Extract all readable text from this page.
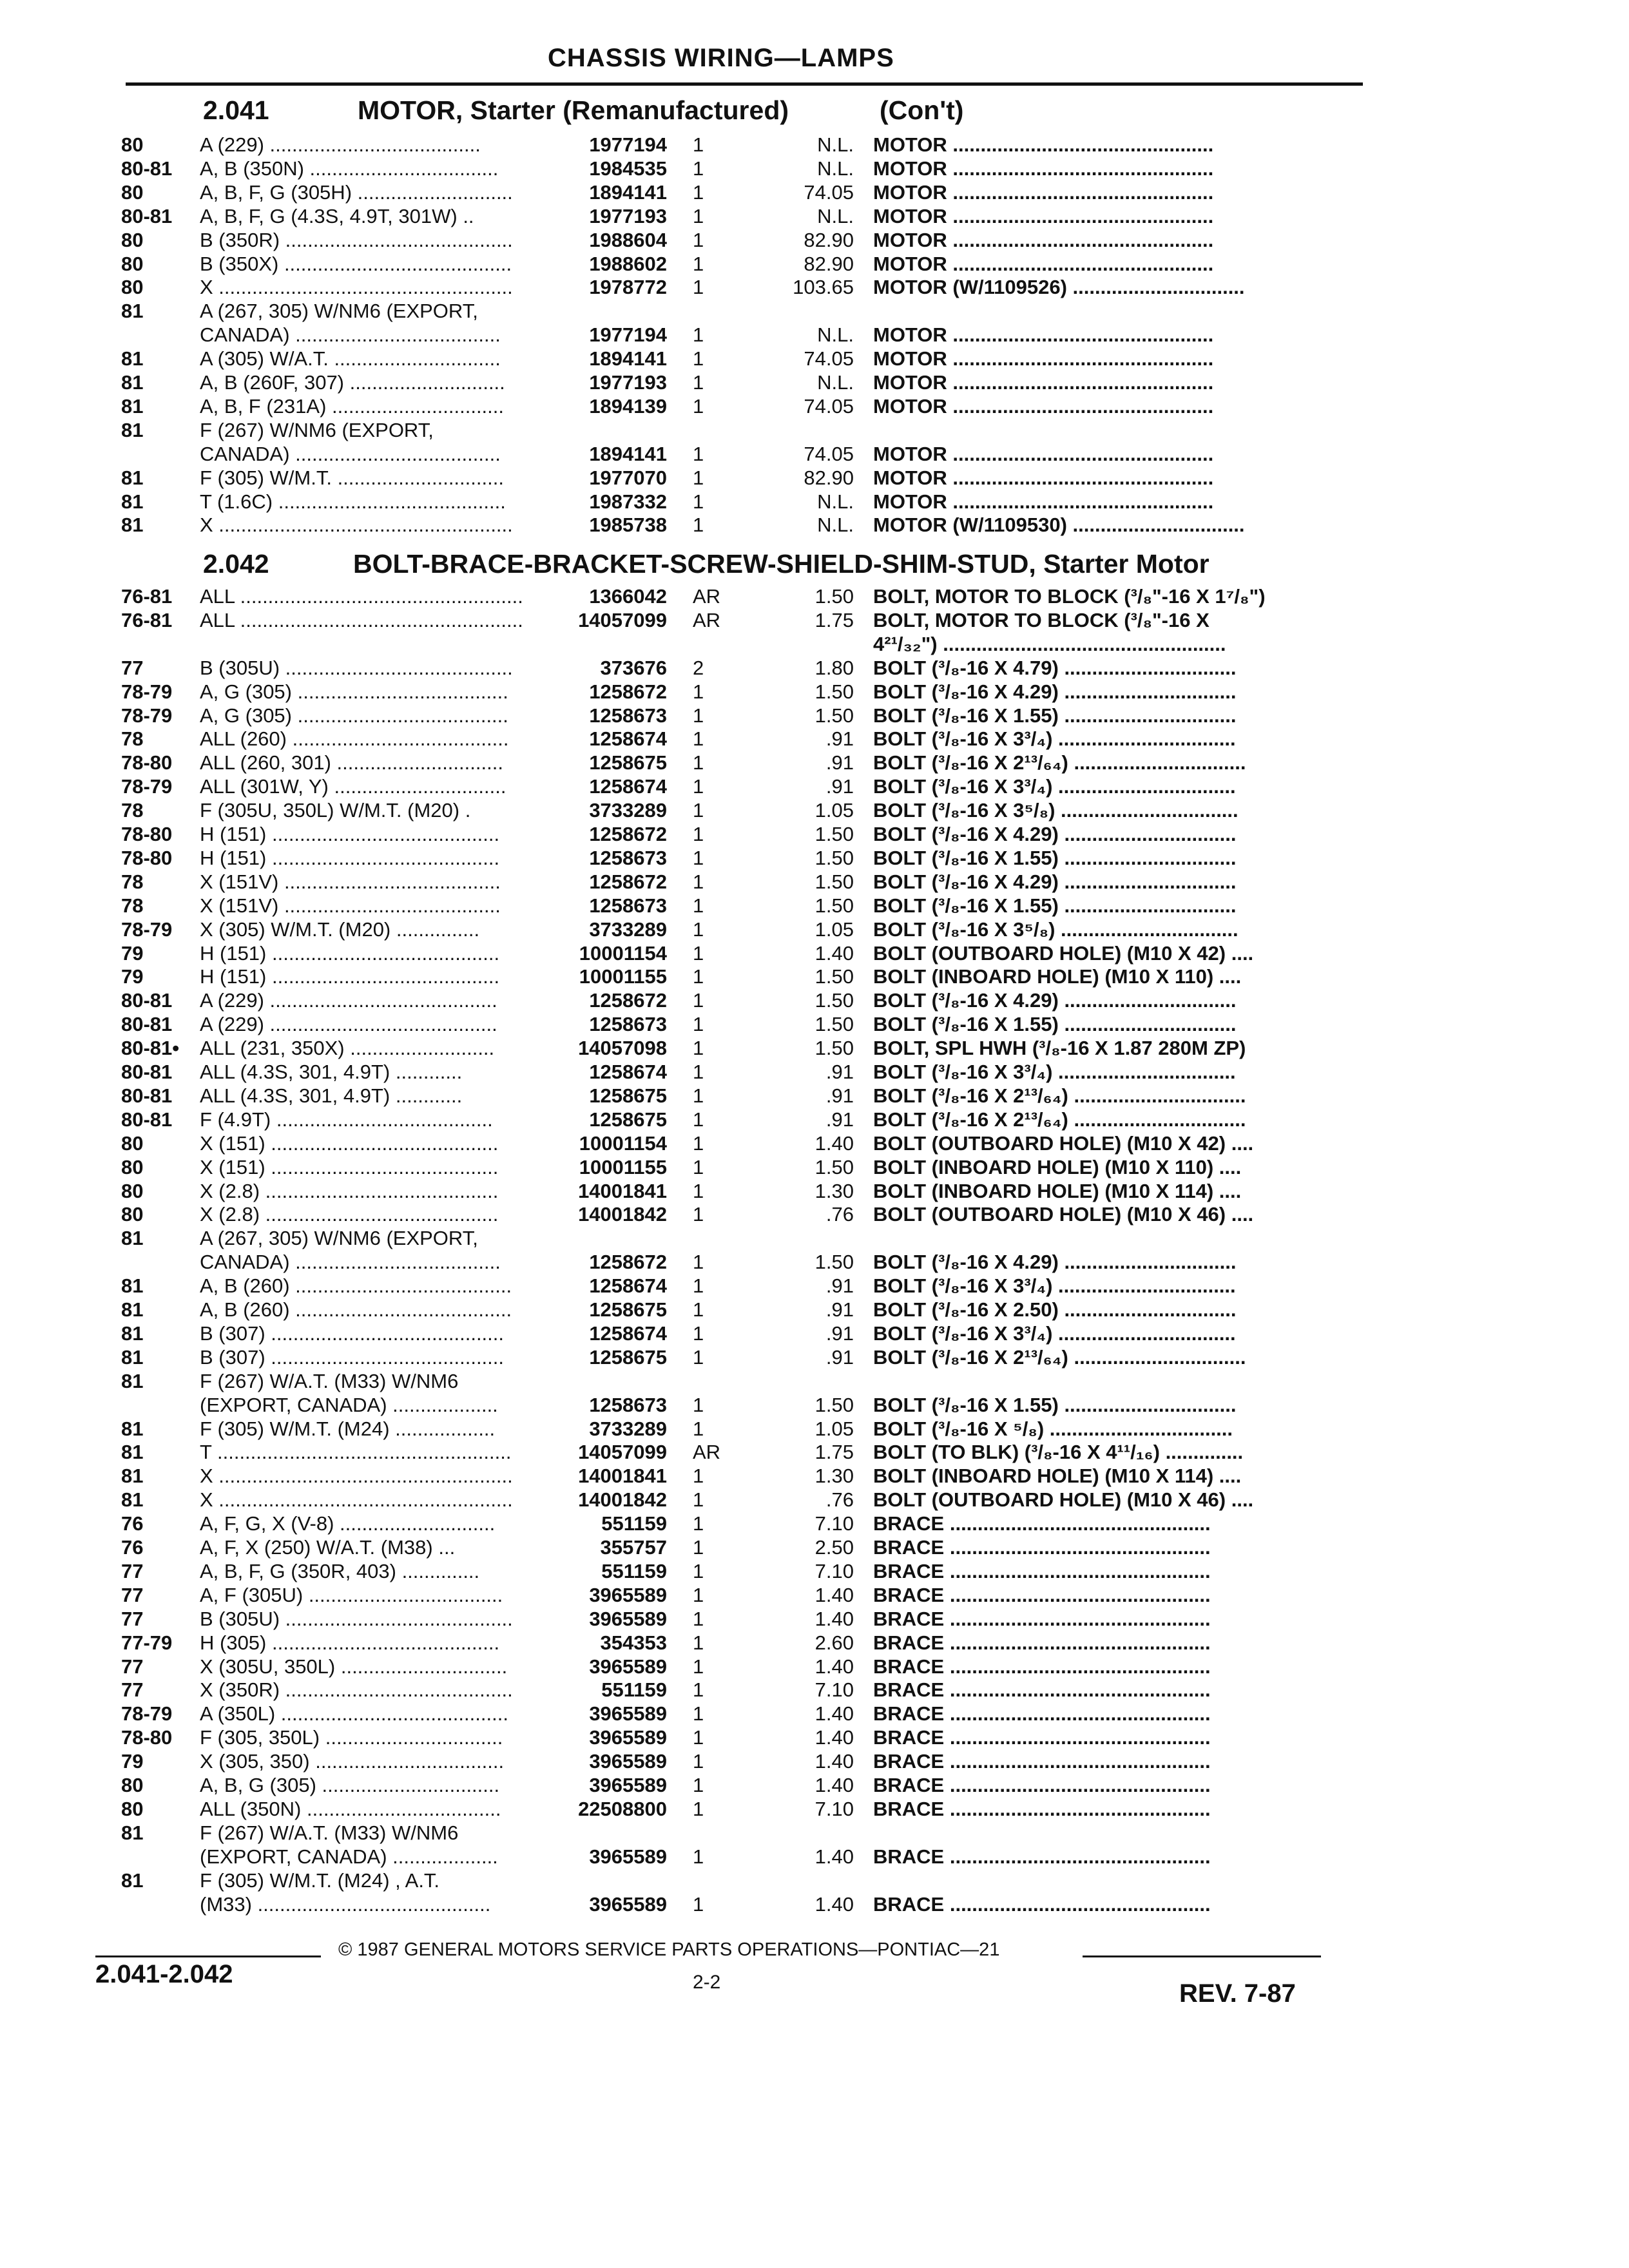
CHASSIS WIRING—LAMPS
2.041	MOTOR, Starter (Remanufactured)	(Con't)
2.042	BOLT-BRACE-BRACKET-SCREW-SHIELD-SHIM-STUD, Starter Motor
80	A (229) ......................................	1977194 1	N.L. MOTOR ...............................................
80-81 A, B (350N) ..................................	1984535 1	N.L. MOTOR ...............................................
80	A, B, F, G (305H) ............................	1894141 1	74.05 MOTOR ...............................................
80-81 A, B, F, G (4.3S, 4.9T, 301W) ..	1977193 1	N.L. MOTOR ...............................................
80	B (350R) .........................................	1988604 1	82.90 MOTOR ...............................................
80	B (350X) .........................................	1988602 1	82.90 MOTOR ...............................................
80	X .....................................................	1978772 1	103.65 MOTOR (W/1109526) ...............................
81	A (267, 305) W/NM6 (EXPORT,
CANADA) .....................................	1977194 1	N.L. MOTOR ...............................................
81	A (305) W/A.T. ..............................	1894141 1	74.05 MOTOR ...............................................
81	A, B (260F, 307) ............................	1977193 1	N.L. MOTOR ...............................................
81	A, B, F (231A) ...............................	1894139 1	74.05 MOTOR ...............................................
81	F (267) W/NM6 (EXPORT,
CANADA) .....................................	1894141 1	74.05 MOTOR ...............................................
81	F (305) W/M.T. ..............................	1977070 1	82.90 MOTOR ...............................................
81	T (1.6C) .........................................	1987332 1	N.L. MOTOR ...............................................
81	X .....................................................	1985738 1	N.L. MOTOR (W/1109530) ...............................
76-81 ALL ...................................................	1366042 AR	1.50 BOLT, MOTOR TO BLOCK (³/₈"-16 X 1⁷/₈")
76-81 ALL ...................................................	14057099 AR	1.75 BOLT, MOTOR TO BLOCK (³/₈"-16 X
4²¹/₃₂") ...................................................
77	B (305U) .........................................	373676 2	1.80 BOLT (³/₈-16 X 4.79) ...............................
78-79 A, G (305) ......................................	1258672 1	1.50 BOLT (³/₈-16 X 4.29) ...............................
78-79 A, G (305) ......................................	1258673 1	1.50 BOLT (³/₈-16 X 1.55) ...............................
78	ALL (260) .......................................	1258674 1	.91 BOLT (³/₈-16 X 3³/₄) ................................
78-80 ALL (260, 301) ..............................	1258675 1	.91 BOLT (³/₈-16 X 2¹³/₆₄) ...............................
78-79 ALL (301W, Y) ...............................	1258674 1	.91 BOLT (³/₈-16 X 3³/₄) ................................
78	F (305U, 350L) W/M.T. (M20) .	3733289 1	1.05 BOLT (³/₈-16 X 3⁵/₈) ................................
78-80 H (151) .........................................	1258672 1	1.50 BOLT (³/₈-16 X 4.29) ...............................
78-80 H (151) .........................................	1258673 1	1.50 BOLT (³/₈-16 X 1.55) ...............................
78	X (151V) .......................................	1258672 1	1.50 BOLT (³/₈-16 X 4.29) ...............................
78	X (151V) .......................................	1258673 1	1.50 BOLT (³/₈-16 X 1.55) ...............................
78-79 X (305) W/M.T. (M20) ...............	3733289 1	1.05 BOLT (³/₈-16 X 3⁵/₈) ................................
79	H (151) .........................................	10001154 1	1.40 BOLT (OUTBOARD HOLE) (M10 X 42) ....
79	H (151) .........................................	10001155 1	1.50 BOLT (INBOARD HOLE) (M10 X 110) ....
80-81 A (229) .........................................	1258672 1	1.50 BOLT (³/₈-16 X 4.29) ...............................
80-81 A (229) .........................................	1258673 1	1.50 BOLT (³/₈-16 X 1.55) ...............................
80-81• ALL (231, 350X) ..........................	14057098 1	1.50 BOLT, SPL HWH (³/₈-16 X 1.87 280M ZP)
80-81 ALL (4.3S, 301, 4.9T) ............	1258674 1	.91 BOLT (³/₈-16 X 3³/₄) ................................
80-81 ALL (4.3S, 301, 4.9T) ............	1258675 1	.91 BOLT (³/₈-16 X 2¹³/₆₄) ...............................
80-81 F (4.9T) .......................................	1258675 1	.91 BOLT (³/₈-16 X 2¹³/₆₄) ...............................
80	X (151) .........................................	10001154 1	1.40 BOLT (OUTBOARD HOLE) (M10 X 42) ....
80	X (151) .........................................	10001155 1	1.50 BOLT (INBOARD HOLE) (M10 X 110) ....
80	X (2.8) ..........................................	14001841 1	1.30 BOLT (INBOARD HOLE) (M10 X 114) ....
80	X (2.8) ..........................................	14001842 1	.76 BOLT (OUTBOARD HOLE) (M10 X 46) ....
81	A (267, 305) W/NM6 (EXPORT,
CANADA) .....................................	1258672 1	1.50 BOLT (³/₈-16 X 4.29) ...............................
81	A, B (260) .......................................	1258674 1	.91 BOLT (³/₈-16 X 3³/₄) ................................
81	A, B (260) .......................................	1258675 1	.91 BOLT (³/₈-16 X 2.50) ...............................
81	B (307) ..........................................	1258674 1	.91 BOLT (³/₈-16 X 3³/₄) ................................
81	B (307) ..........................................	1258675 1	.91 BOLT (³/₈-16 X 2¹³/₆₄) ...............................
81	F (267) W/A.T. (M33) W/NM6
(EXPORT, CANADA) ...................	1258673 1	1.50 BOLT (³/₈-16 X 1.55) ...............................
81	F (305) W/M.T. (M24) ..................	3733289 1	1.05 BOLT (³/₈-16 X ⁵/₈) .................................
81	T .....................................................	14057099 AR	1.75 BOLT (TO BLK) (³/₈-16 X 4¹¹/₁₆) ..............
81	X .....................................................	14001841 1	1.30 BOLT (INBOARD HOLE) (M10 X 114) ....
81	X .....................................................	14001842 1	.76 BOLT (OUTBOARD HOLE) (M10 X 46) ....
76	A, F, G, X (V-8) ............................	551159 1	7.10 BRACE ...............................................
76	A, F, X (250) W/A.T. (M38) ...	355757 1	2.50 BRACE ...............................................
77	A, B, F, G (350R, 403) ..............	551159 1	7.10 BRACE ...............................................
77	A, F (305U) ...................................	3965589 1	1.40 BRACE ...............................................
77	B (305U) .........................................	3965589 1	1.40 BRACE ...............................................
77-79 H (305) .........................................	354353 1	2.60 BRACE ...............................................
77	X (305U, 350L) ..............................	3965589 1	1.40 BRACE ...............................................
77	X (350R) .........................................	551159 1	7.10 BRACE ...............................................
78-79 A (350L) .........................................	3965589 1	1.40 BRACE ...............................................
78-80 F (305, 350L) ................................	3965589 1	1.40 BRACE ...............................................
79	X (305, 350) ..................................	3965589 1	1.40 BRACE ...............................................
80	A, B, G (305) ................................	3965589 1	1.40 BRACE ...............................................
80	ALL (350N) ...................................	22508800 1	7.10 BRACE ...............................................
81	F (267) W/A.T. (M33) W/NM6
(EXPORT, CANADA) ...................	3965589 1	1.40 BRACE ...............................................
81	F (305) W/M.T. (M24) , A.T.
(M33) ..........................................	3965589 1	1.40 BRACE ...............................................
2.041-2.042
© 1987 GENERAL MOTORS SERVICE PARTS OPERATIONS—PONTIAC—21
2-2	REV. 7-87
